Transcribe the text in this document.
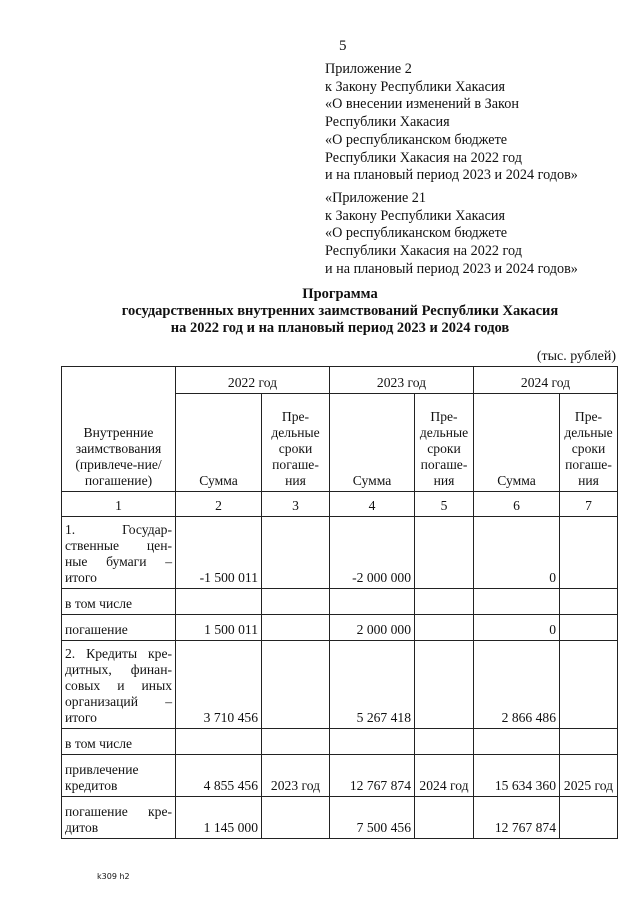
5
Приложение 2
к Закону Республики Хакасия
«О внесении изменений в Закон
Республики Хакасия
«О республиканском бюджете
Республики Хакасия на 2022 год
и на плановый период 2023 и 2024 годов»
«Приложение 21
к Закону Республики Хакасия
«О республиканском бюджете
Республики Хакасия на 2022 год
и на плановый период 2023 и 2024 годов»
Программа
государственных внутренних заимствований Республики Хакасия
на 2022 год и на плановый период 2023 и 2024 годов
(тыс. рублей)
Внутренние заимствования (привлече-ние/погашение)	2022 год		2023 год		2024 год	
	Сумма	Пре-дельные сроки погаше-ния	Сумма	Пре-дельные сроки погаше-ния	Сумма	Пре-дельные сроки погаше-ния
1	2	3	4	5	6	7

1. Государ-
ственные цен-
ные бумаги –
итого	-1 500 011		-2 000 000		0	

в том числе						

погашение	1 500 011		2 000 000		0	

2. Кредиты кре-
дитных, финан-
совых и иных
организаций –
итого	3 710 456		5 267 418		2 866 486	

в том числе						

привлечение
кредитов	4 855 456	2023 год	12 767 874	2024 год	15 634 360	2025 год

погашение кре-
дитов	1 145 000		7 500 456		12 767 874	
k309 h2
